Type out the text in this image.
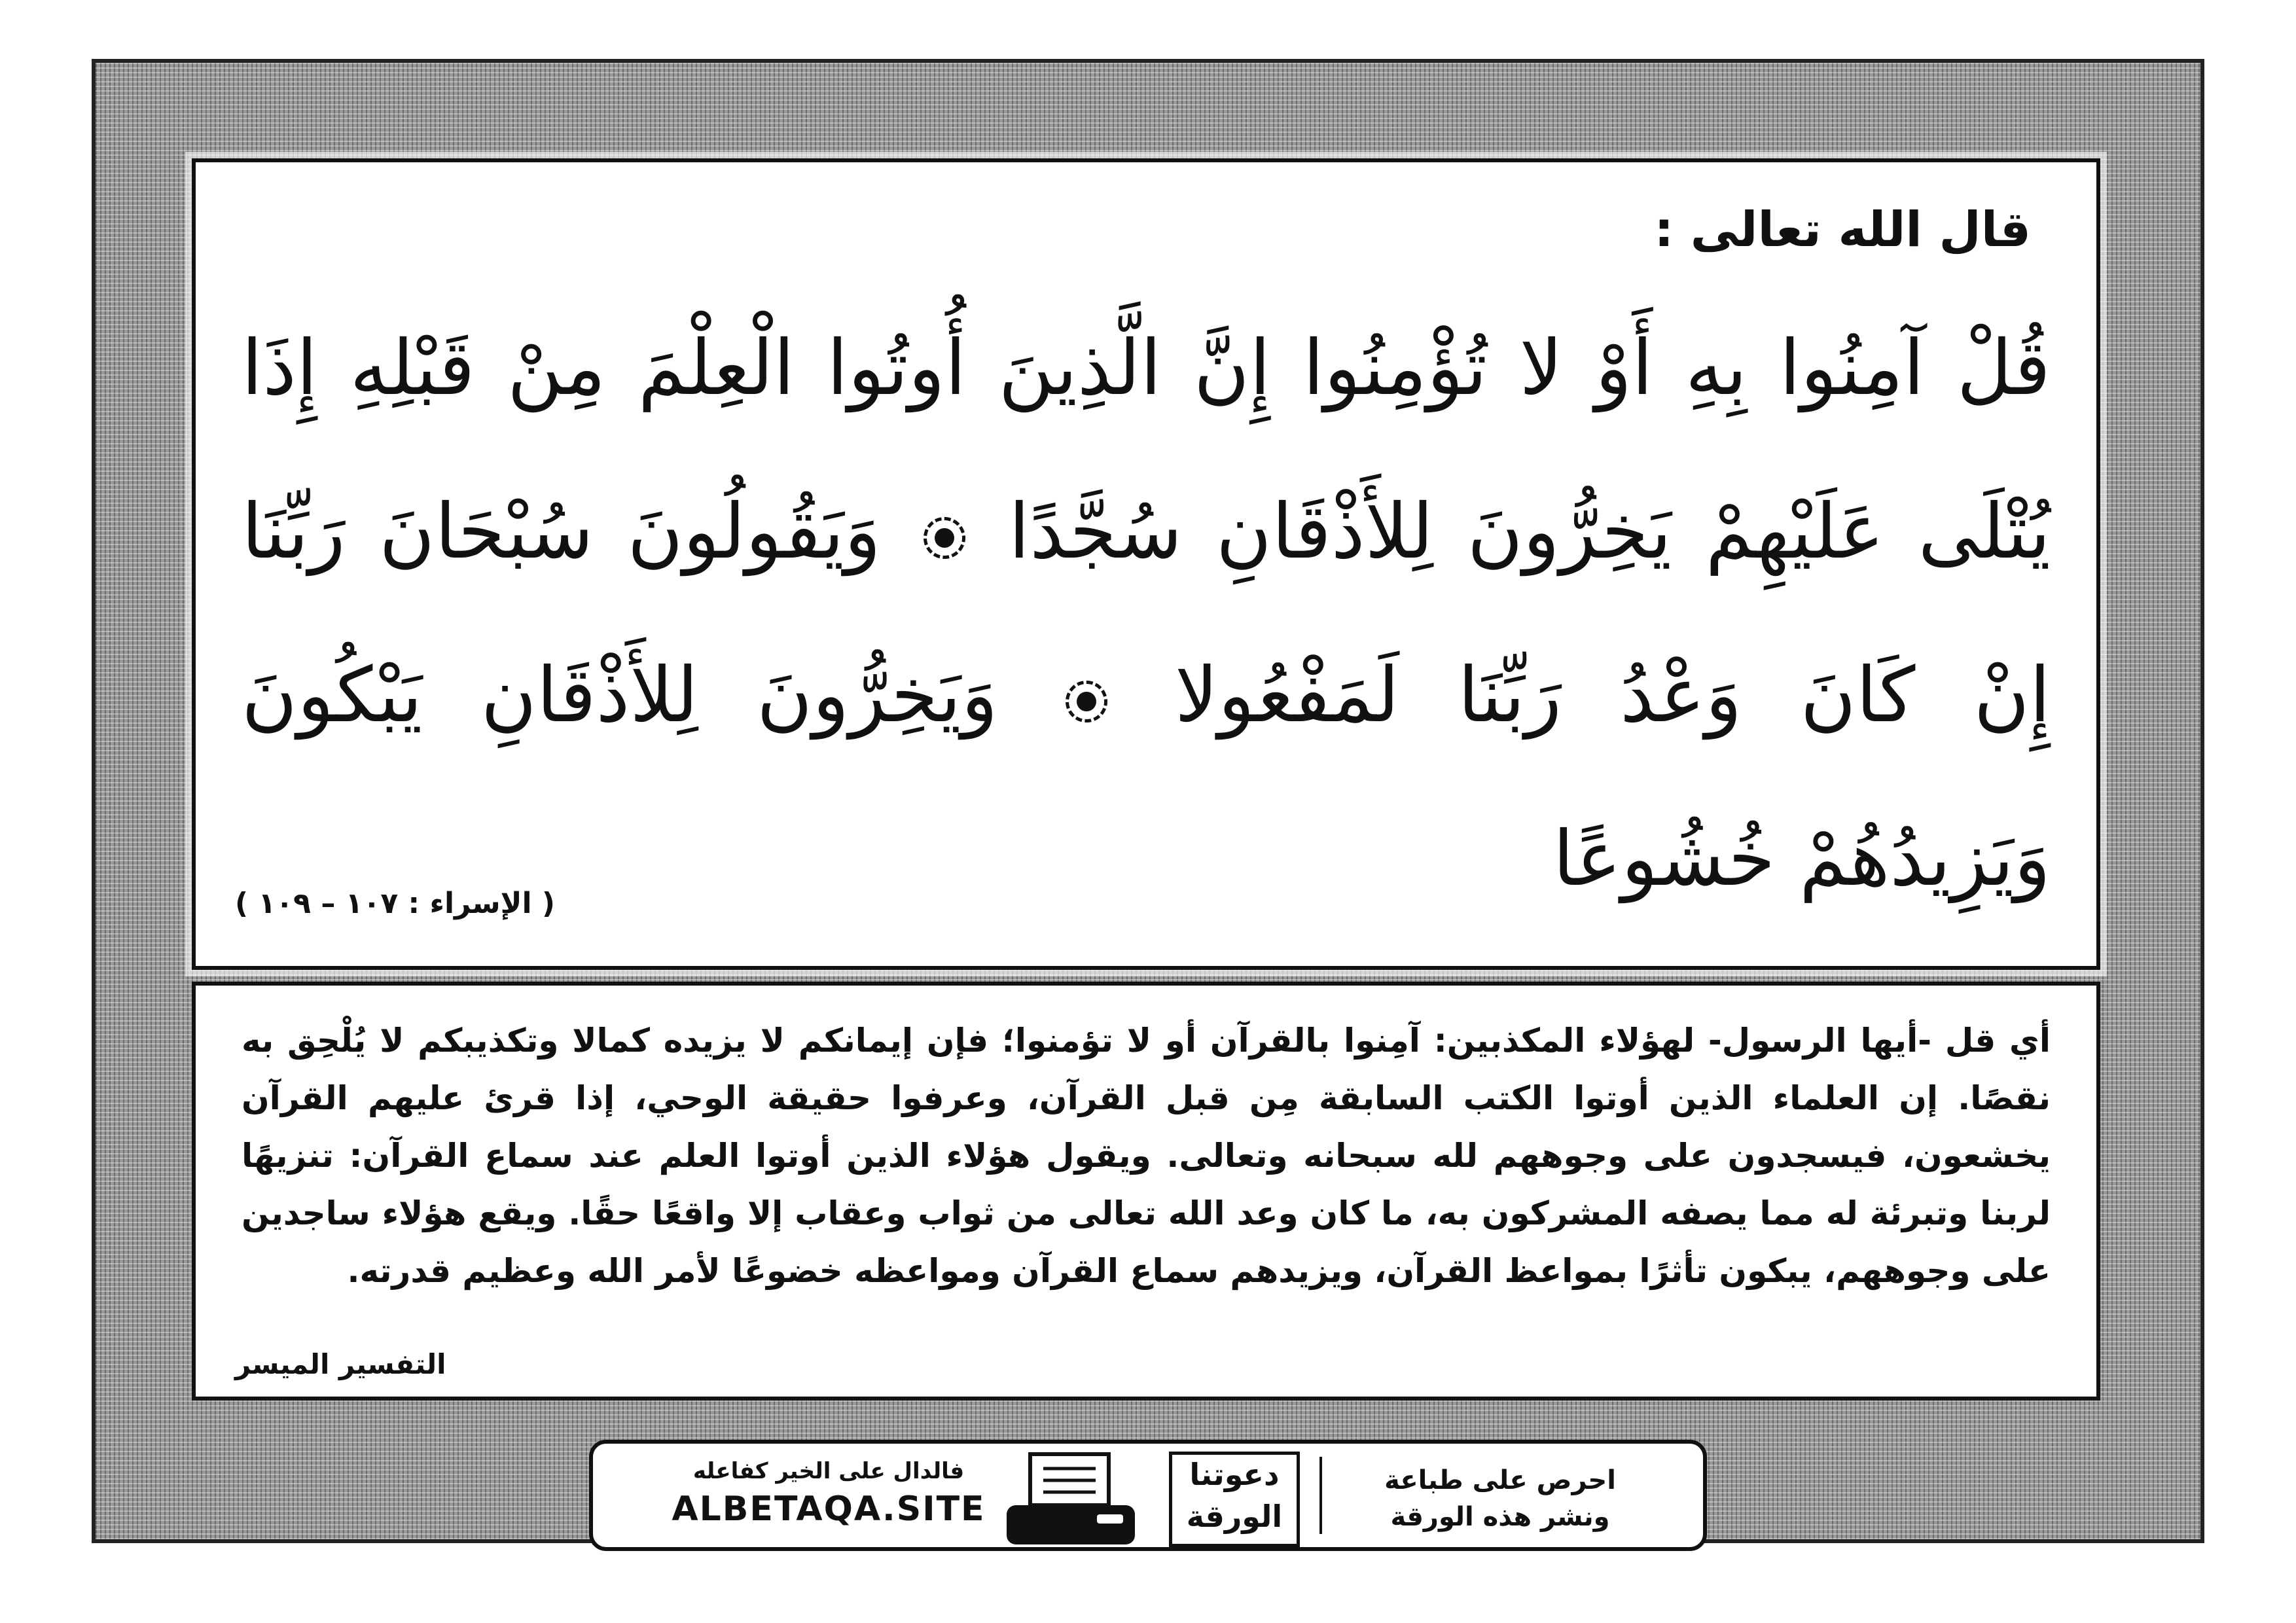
قال الله تعالى :
قُلْ آمِنُوا بِهِ أَوْ لا تُؤْمِنُوا إِنَّ الَّذِينَ أُوتُوا الْعِلْمَ مِنْ قَبْلِهِ إِذَا يُتْلَى عَلَيْهِمْ يَخِرُّونَ لِلأَذْقَانِ سُجَّدًا  وَيَقُولُونَ سُبْحَانَ رَبِّنَا إِنْ كَانَ وَعْدُ رَبِّنَا لَمَفْعُولا  وَيَخِرُّونَ لِلأَذْقَانِ يَبْكُونَ وَيَزِيدُهُمْ خُشُوعًا
( الإسراء : ١٠٧ – ١٠٩ )
أي قل -أيها الرسول- لهؤلاء المكذبين: آمِنوا بالقرآن أو لا تؤمنوا؛ فإن إيمانكم لا يزيده كمالا وتكذيبكم لا يُلْحِق به نقصًا. إن العلماء الذين أوتوا الكتب السابقة مِن قبل القرآن، وعرفوا حقيقة الوحي، إذا قرئ عليهم القرآن يخشعون، فيسجدون على وجوههم لله سبحانه وتعالى. ويقول هؤلاء الذين أوتوا العلم عند سماع القرآن: تنزيهًا لربنا وتبرئة له مما يصفه المشركون به، ما كان وعد الله تعالى من ثواب وعقاب إلا واقعًا حقًا. ويقع هؤلاء ساجدين على وجوههم، يبكون تأثرًا بمواعظ القرآن، ويزيدهم سماع القرآن ومواعظه خضوعًا لأمر الله وعظيم قدرته.
التفسير الميسر
فالدال على الخير كفاعله
ALBETAQA.SITE
دعوتنا
الورقة
احرص على طباعة
ونشر هذه الورقة
